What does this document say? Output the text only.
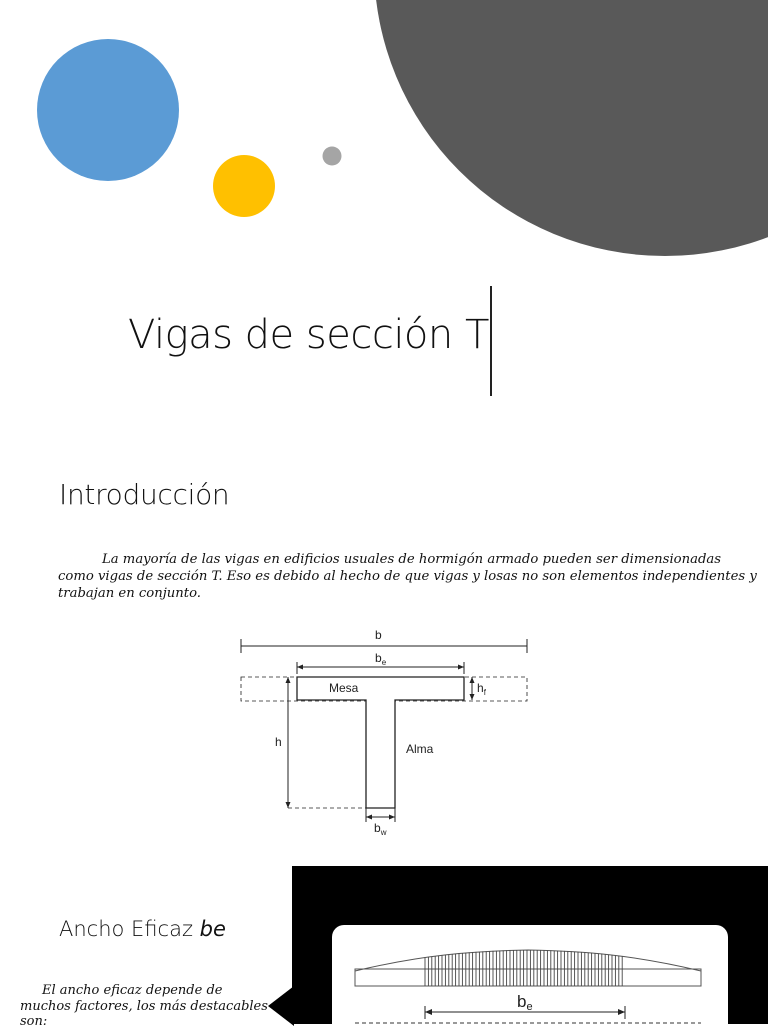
Vigas de sección T
Introducción
La mayoría de las vigas en edificios usuales de hormigón armado pueden ser dimensionadas como vigas de sección T. Eso es debido al hecho de que vigas y losas no son elementos independientes y trabajan en conjunto.
b
$b_e$
Mesa
Alma
$h_f$
h
$b_w$
Ancho Eficaz be
El ancho eficaz depende de muchos factores, los más destacables son:
be
